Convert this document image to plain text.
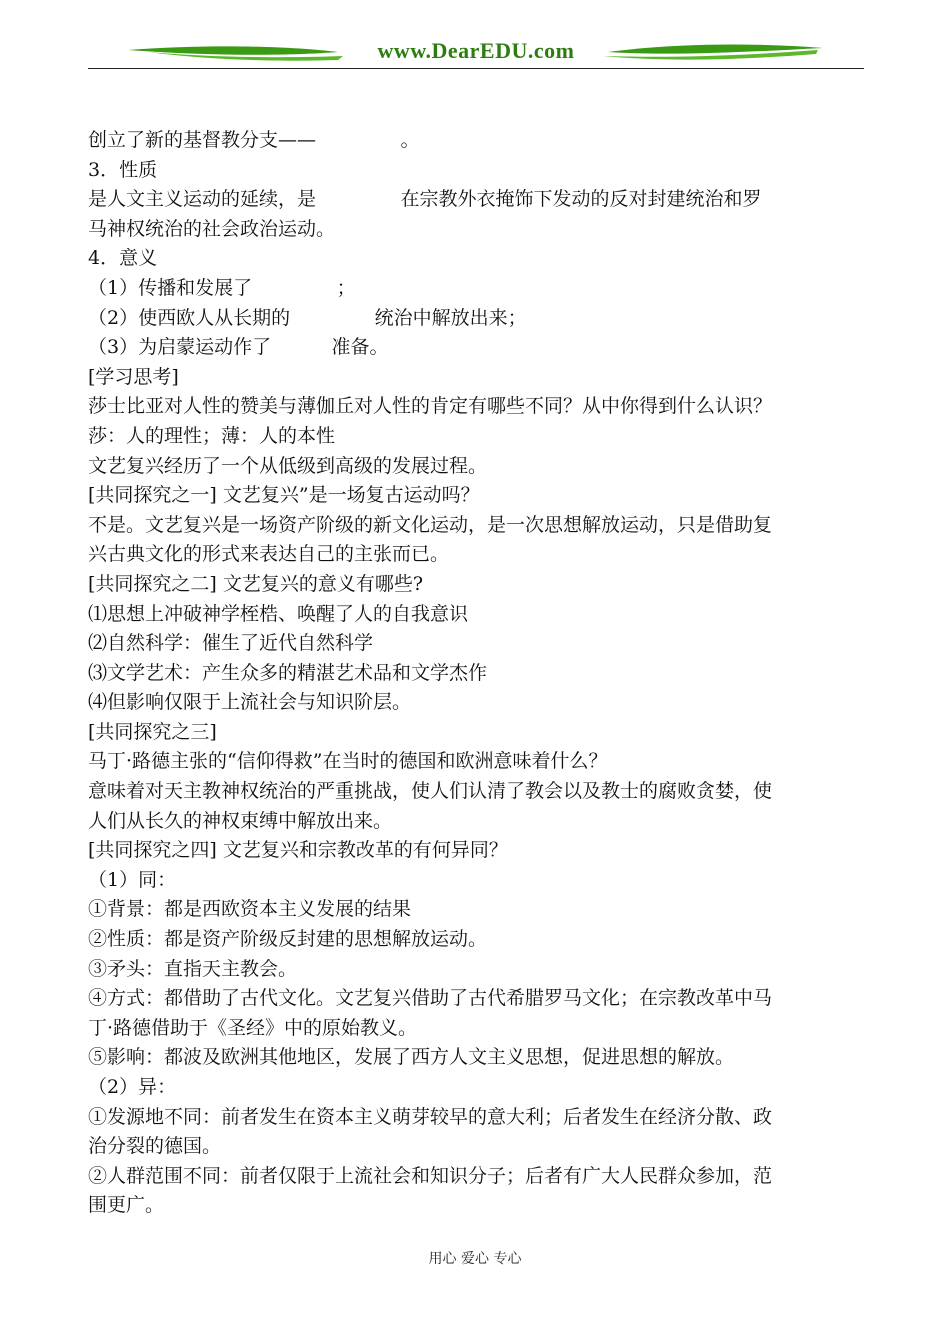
www.DearEDU.com
创立了新的基督教分支——              。
3．性质
是人文主义运动的延续，是              在宗教外衣掩饰下发动的反对封建统治和罗
马神权统治的社会政治运动。
4．意义
（1）传播和发展了              ；
（2）使西欧人从长期的              统治中解放出来；
（3）为启蒙运动作了          准备。
[学习思考]
莎士比亚对人性的赞美与薄伽丘对人性的肯定有哪些不同？从中你得到什么认识？
莎：人的理性；薄：人的本性
文艺复兴经历了一个从低级到高级的发展过程。
[共同探究之一] 文艺复兴”是一场复古运动吗？
不是。文艺复兴是一场资产阶级的新文化运动，是一次思想解放运动，只是借助复
兴古典文化的形式来表达自己的主张而已。
[共同探究之二] 文艺复兴的意义有哪些?
⑴思想上冲破神学桎梏、唤醒了人的自我意识
⑵自然科学：催生了近代自然科学
⑶文学艺术：产生众多的精湛艺术品和文学杰作
⑷但影响仅限于上流社会与知识阶层。
[共同探究之三]
马丁·路德主张的“信仰得救”在当时的德国和欧洲意味着什么？
意味着对天主教神权统治的严重挑战，使人们认清了教会以及教士的腐败贪婪，使
人们从长久的神权束缚中解放出来。
[共同探究之四] 文艺复兴和宗教改革的有何异同？
（1）同：
①背景：都是西欧资本主义发展的结果
②性质：都是资产阶级反封建的思想解放运动。
③矛头：直指天主教会。
④方式：都借助了古代文化。文艺复兴借助了古代希腊罗马文化；在宗教改革中马
丁·路德借助于《圣经》中的原始教义。
⑤影响：都波及欧洲其他地区，发展了西方人文主义思想，促进思想的解放。
（2）异：
①发源地不同：前者发生在资本主义萌芽较早的意大利；后者发生在经济分散、政
治分裂的德国。
②人群范围不同：前者仅限于上流社会和知识分子；后者有广大人民群众参加，范
围更广。
用心 爱心 专心
